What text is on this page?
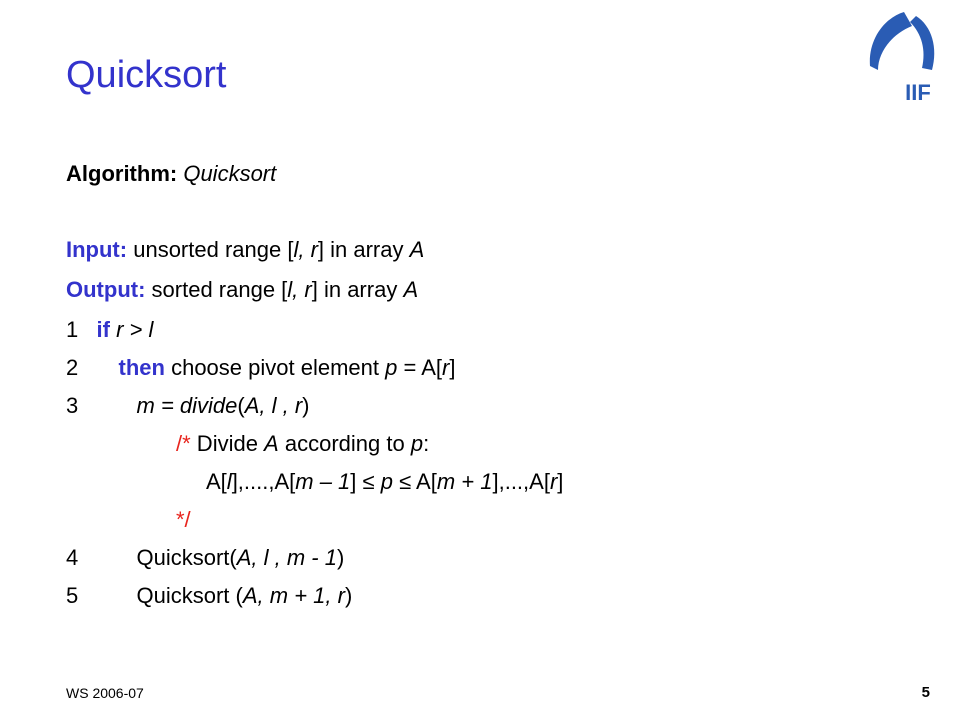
Quicksort	IIF
Algorithm: Quicksort
Input: unsorted range [l, r] in array A
Output: sorted range [l, r] in array A
1 if r > l
2 then choose pivot element p = A[r]
3	m = divide(A, l , r)
/* Divide A according to p:
A[l],....,A[m – 1] ≤ p ≤ A[m + 1],...,A[r]
*/
4	Quicksort(A, l , m - 1)
5	Quicksort (A, m + 1, r)
WS 2006-07	5
